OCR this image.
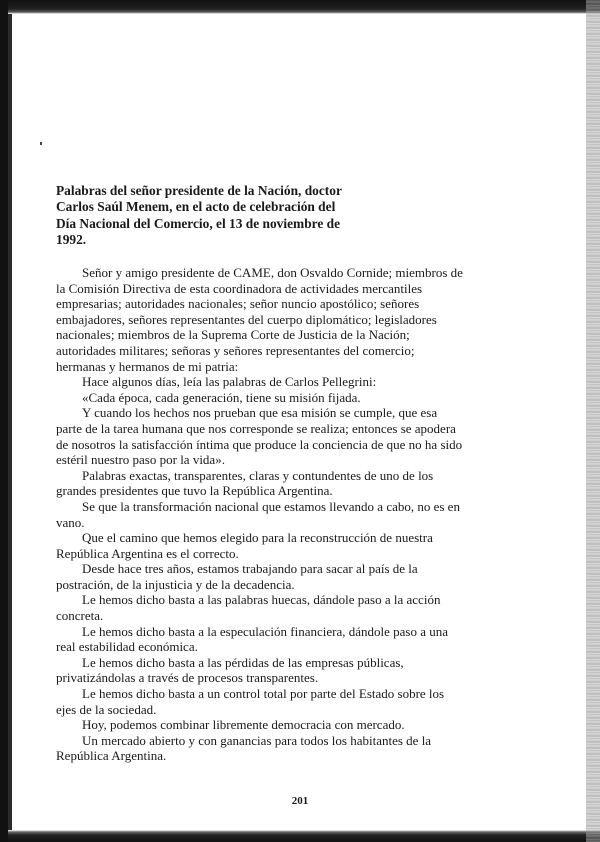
Palabras del señor presidente de la Nación, doctor Carlos Saúl Menem, en el acto de celebración del Día Nacional del Comercio, el 13 de noviembre de 1992.

Señor y amigo presidente de CAME, don Osvaldo Cornide; miembros de la Comisión Directiva de esta coordinadora de actividades mercantiles empresarias; autoridades nacionales; señor nuncio apostólico; señores embajadores, señores representantes del cuerpo diplomático; legisladores nacionales; miembros de la Suprema Corte de Justicia de la Nación; autoridades militares; señoras y señores representantes del comercio; hermanas y hermanos de mi patria:

Hace algunos días, leía las palabras de Carlos Pellegrini:

«Cada época, cada generación, tiene su misión fijada.

Y cuando los hechos nos prueban que esa misión se cumple, que esa parte de la tarea humana que nos corresponde se realiza; entonces se apodera de nosotros la satisfacción íntima que produce la conciencia de que no ha sido estéril nuestro paso por la vida».

Palabras exactas, transparentes, claras y contundentes de uno de los grandes presidentes que tuvo la República Argentina.

Se que la transformación nacional que estamos llevando a cabo, no es en vano.

Que el camino que hemos elegido para la reconstrucción de nuestra República Argentina es el correcto.

Desde hace tres años, estamos trabajando para sacar al país de la postración, de la injusticia y de la decadencia.

Le hemos dicho basta a las palabras huecas, dándole paso a la acción concreta.

Le hemos dicho basta a la especulación financiera, dándole paso a una real estabilidad económica.

Le hemos dicho basta a las pérdidas de las empresas públicas, privatizándolas a través de procesos transparentes.

Le hemos dicho basta a un control total por parte del Estado sobre los ejes de la sociedad.

Hoy, podemos combinar libremente democracia con mercado.

Un mercado abierto y con ganancias para todos los habitantes de la República Argentina.

201
